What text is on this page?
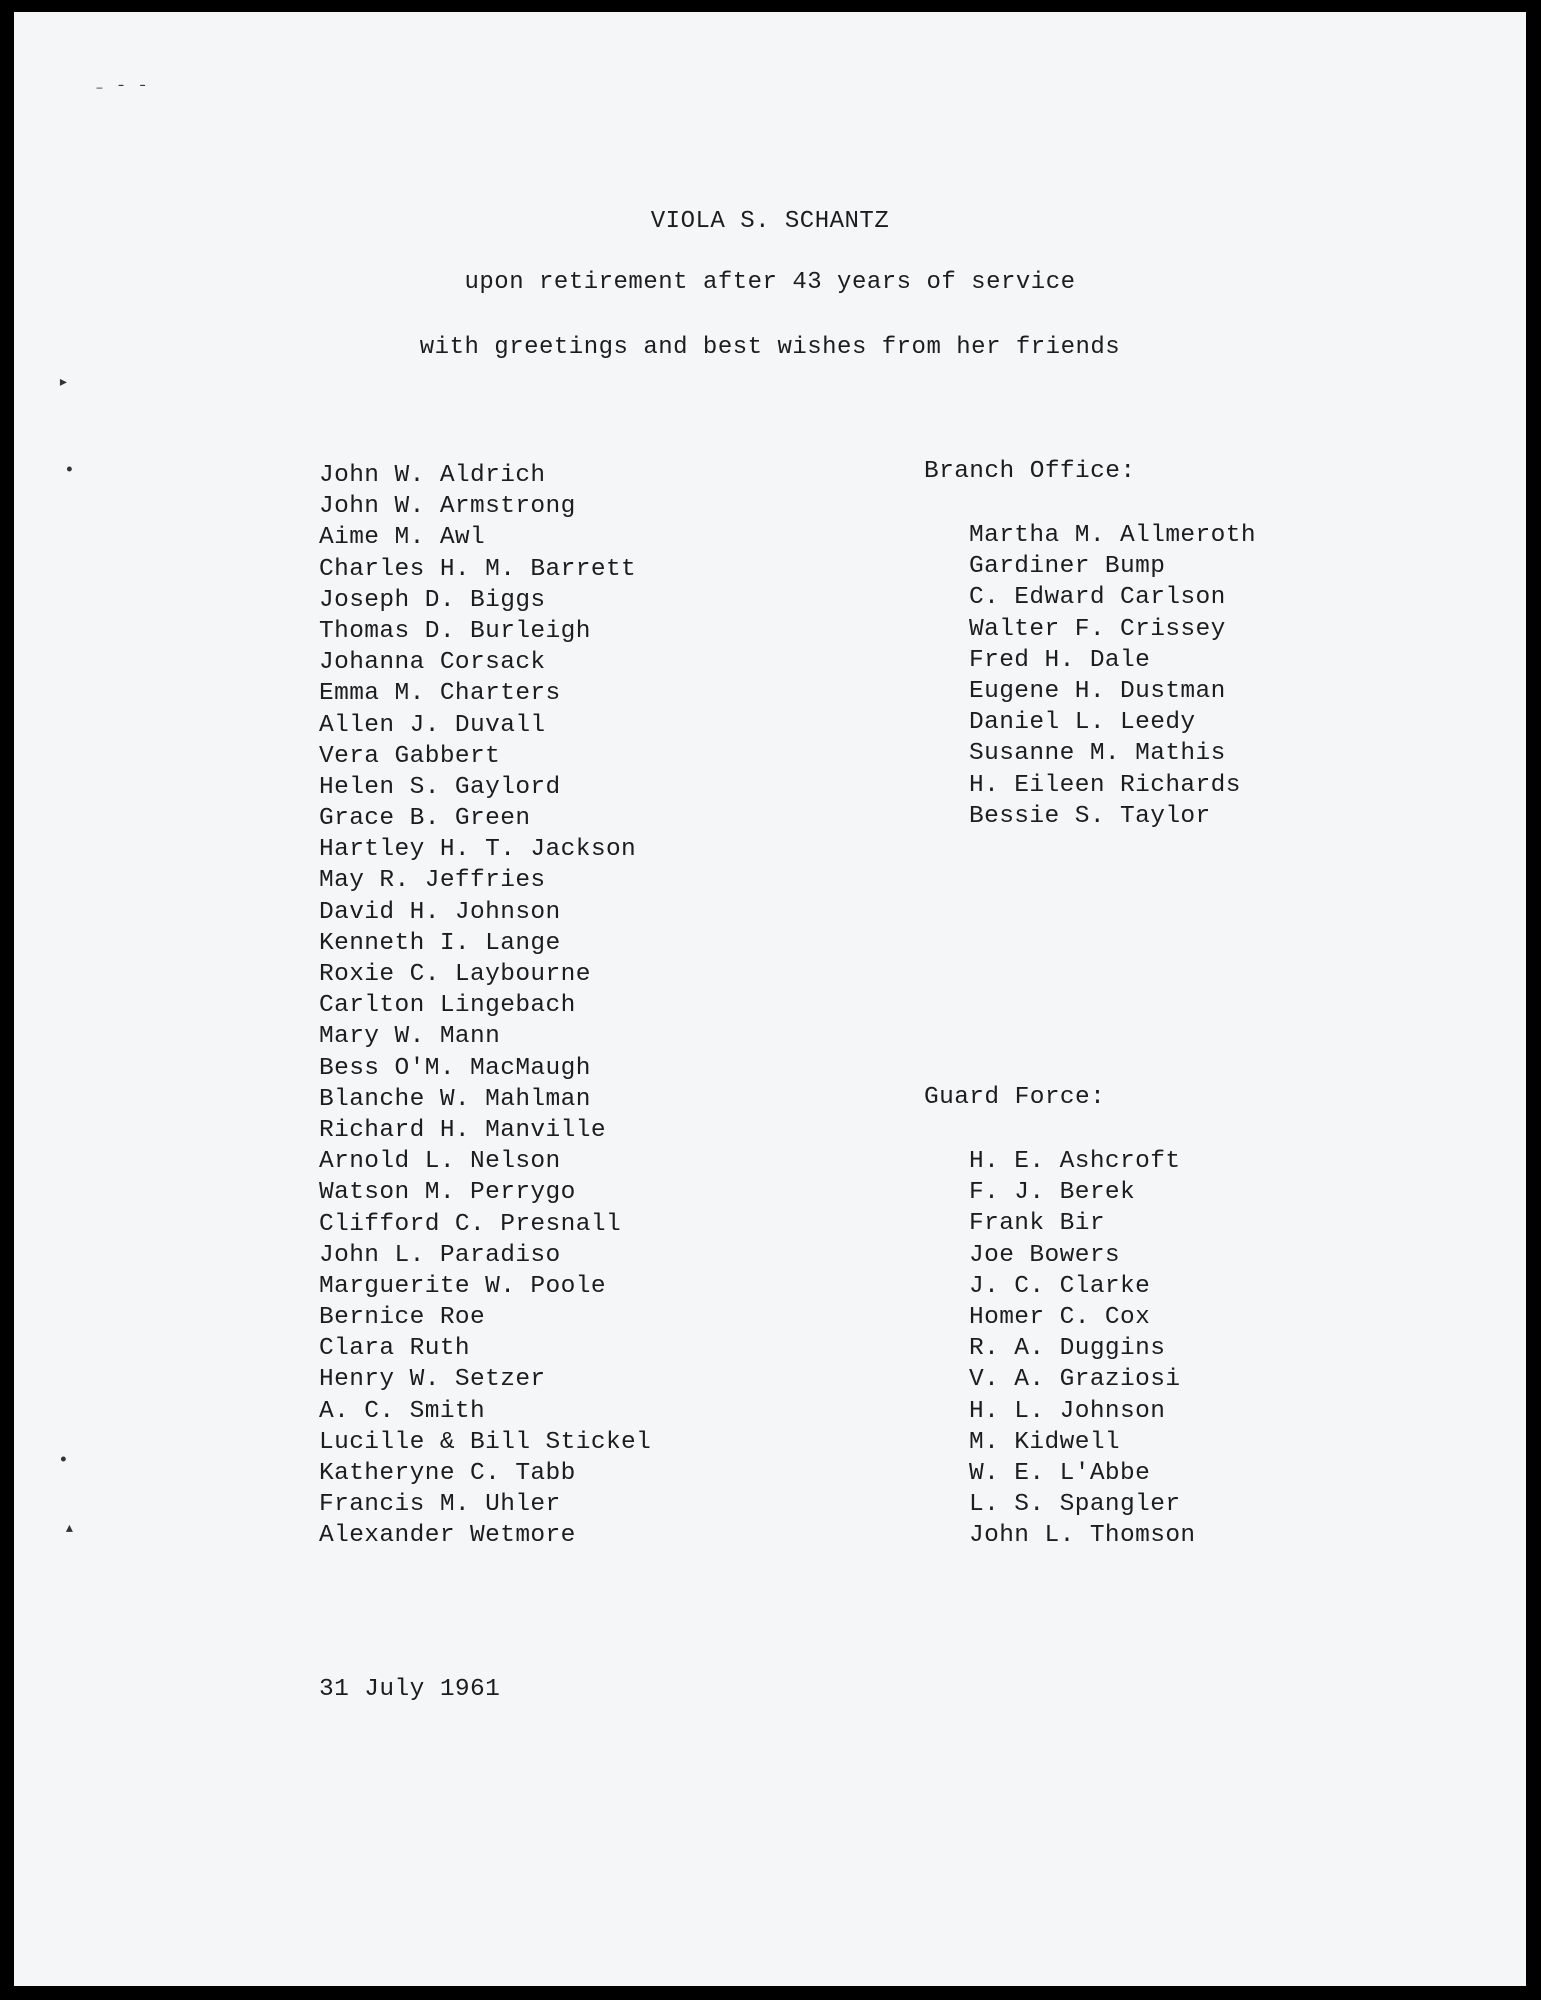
⁻ ˉ ˉ
▸
•
•
▴
VIOLA S. SCHANTZ
upon retirement after 43 years of service
with greetings and best wishes from her friends
John W. Aldrich
John W. Armstrong
Aime M. Awl
Charles H. M. Barrett
Joseph D. Biggs
Thomas D. Burleigh
Johanna Corsack
Emma M. Charters
Allen J. Duvall
Vera Gabbert
Helen S. Gaylord
Grace B. Green
Hartley H. T. Jackson
May R. Jeffries
David H. Johnson
Kenneth I. Lange
Roxie C. Laybourne
Carlton Lingebach
Mary W. Mann
Bess O'M. MacMaugh
Blanche W. Mahlman
Richard H. Manville
Arnold L. Nelson
Watson M. Perrygo
Clifford C. Presnall
John L. Paradiso
Marguerite W. Poole
Bernice Roe
Clara Ruth
Henry W. Setzer
A. C. Smith
Lucille & Bill Stickel
Katheryne C. Tabb
Francis M. Uhler
Alexander Wetmore
Branch Office:
Martha M. Allmeroth
Gardiner Bump
C. Edward Carlson
Walter F. Crissey
Fred H. Dale
Eugene H. Dustman
Daniel L. Leedy
Susanne M. Mathis
H. Eileen Richards
Bessie S. Taylor
Guard Force:
H. E. Ashcroft
F. J. Berek
Frank Bir
Joe Bowers
J. C. Clarke
Homer C. Cox
R. A. Duggins
V. A. Graziosi
H. L. Johnson
M. Kidwell
W. E. L'Abbe
L. S. Spangler
John L. Thomson
31 July 1961
